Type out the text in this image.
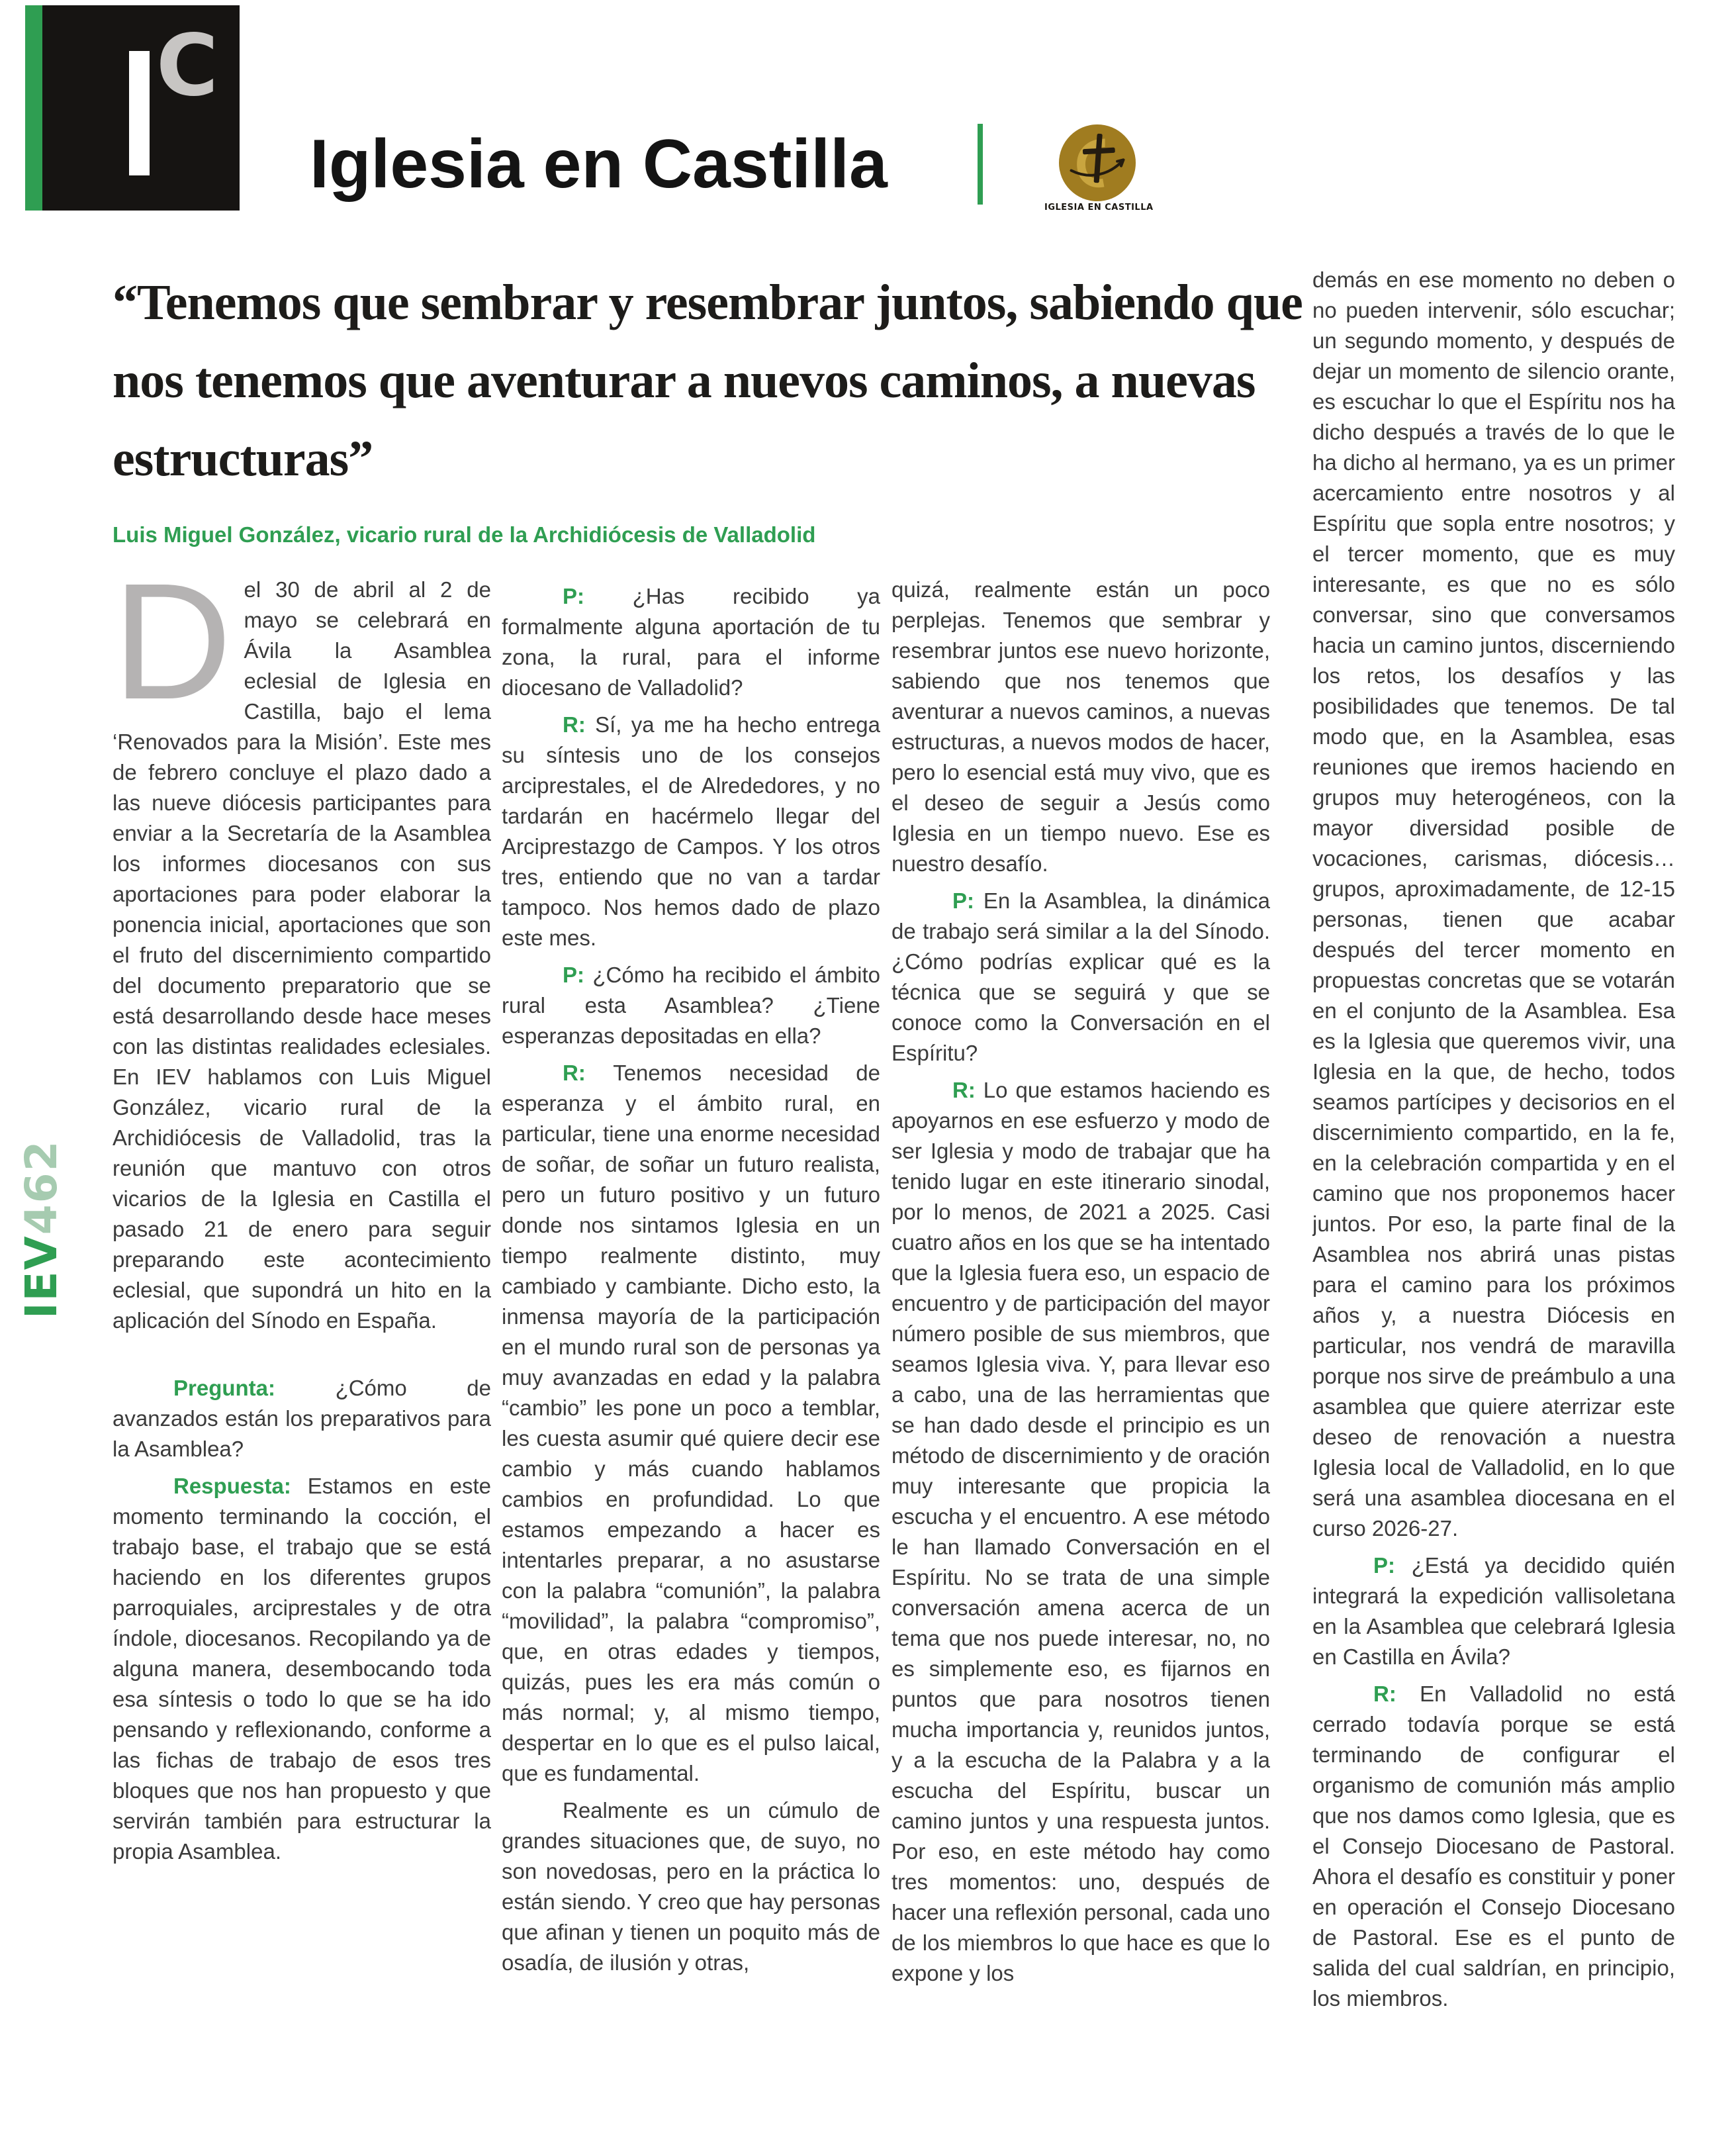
C
Iglesia en Castilla
IGLESIA EN CASTILLA
IEV462
“Tenemos que sembrar y resembrar juntos, sabiendo que nos tenemos que aventurar a nuevos caminos, a nuevas estructuras”

Luis Miguel González, vicario rural de la Archidiócesis de Valladolid

Del 30 de abril al 2 de mayo se celebrará en Ávila la Asamblea eclesial de Iglesia en Castilla, bajo el lema ‘Renovados para la Misión’. Este mes de febrero concluye el plazo dado a las nueve diócesis participantes para enviar a la Secretaría de la Asamblea los informes diocesanos con sus aportaciones para poder elaborar la ponencia inicial, aportaciones que son el fruto del discernimiento compartido del documento preparatorio que se está desarrollando desde hace meses con las distintas realidades eclesiales. En IEV hablamos con Luis Miguel González, vicario rural de la Archidiócesis de Valladolid, tras la reunión que mantuvo con otros vicarios de la Iglesia en Castilla el pasado 21 de enero para seguir preparando este acontecimiento eclesial, que supondrá un hito en la aplicación del Sínodo en España.

Pregunta: ¿Cómo de avanzados están los preparativos para la Asamblea?

Respuesta: Estamos en este momento terminando la cocción, el trabajo base, el trabajo que se está haciendo en los diferentes grupos parroquiales, arciprestales y de otra índole, diocesanos. Recopilando ya de alguna manera, desembocando toda esa síntesis o todo lo que se ha ido pensando y reflexionando, conforme a las fichas de trabajo de esos tres bloques que nos han propuesto y que servirán también para estructurar la propia Asamblea.

P: ¿Has recibido ya formalmente alguna aportación de tu zona, la rural, para el informe diocesano de Valladolid?

R: Sí, ya me ha hecho entrega su síntesis uno de los consejos arciprestales, el de Alrededores, y no tardarán en hacérmelo llegar del Arciprestazgo de Campos. Y los otros tres, entiendo que no van a tardar tampoco. Nos hemos dado de plazo este mes.

P: ¿Cómo ha recibido el ámbito rural esta Asamblea? ¿Tiene esperanzas depositadas en ella?

R: Tenemos necesidad de esperanza y el ámbito rural, en particular, tiene una enorme necesidad de soñar, de soñar un futuro realista, pero un futuro positivo y un futuro donde nos sintamos Iglesia en un tiempo realmente distinto, muy cambiado y cambiante. Dicho esto, la inmensa mayoría de la participación en el mundo rural son de personas ya muy avanzadas en edad y la palabra “cambio” les pone un poco a temblar, les cuesta asumir qué quiere decir ese cambio y más cuando hablamos cambios en profundidad. Lo que estamos empezando a hacer es intentarles preparar, a no asustarse con la palabra “comunión”, la palabra “movilidad”, la palabra “compromiso”, que, en otras edades y tiempos, quizás, pues les era más común o más normal; y, al mismo tiempo, despertar en lo que es el pulso laical, que es fundamental.

Realmente es un cúmulo de grandes situaciones que, de suyo, no son novedosas, pero en la práctica lo están siendo. Y creo que hay personas que afinan y tienen un poquito más de osadía, de ilusión y otras,

quizá, realmente están un poco perplejas. Tenemos que sembrar y resembrar juntos ese nuevo horizonte, sabiendo que nos tenemos que aventurar a nuevos caminos, a nuevas estructuras, a nuevos modos de hacer, pero lo esencial está muy vivo, que es el deseo de seguir a Jesús como Iglesia en un tiempo nuevo. Ese es nuestro desafío.

P: En la Asamblea, la dinámica de trabajo será similar a la del Sínodo. ¿Cómo podrías explicar qué es la técnica que se seguirá y que se conoce como la Conversación en el Espíritu?

R: Lo que estamos haciendo es apoyarnos en ese esfuerzo y modo de ser Iglesia y modo de trabajar que ha tenido lugar en este itinerario sinodal, por lo menos, de 2021 a 2025. Casi cuatro años en los que se ha intentado que la Iglesia fuera eso, un espacio de encuentro y de participación del mayor número posible de sus miembros, que seamos Iglesia viva. Y, para llevar eso a cabo, una de las herramientas que se han dado desde el principio es un método de discernimiento y de oración muy interesante que propicia la escucha y el encuentro. A ese método le han llamado Conversación en el Espíritu. No se trata de una simple conversación amena acerca de un tema que nos puede interesar, no, no es simplemente eso, es fijarnos en puntos que para nosotros tienen mucha importancia y, reunidos juntos, y a la escucha de la Palabra y a la escucha del Espíritu, buscar un camino juntos y una respuesta juntos. Por eso, en este método hay como tres momentos: uno, después de hacer una reflexión personal, cada uno de los miembros lo que hace es que lo expone y los

demás en ese momento no deben o no pueden intervenir, sólo escuchar; un segundo momento, y después de dejar un momento de silencio orante, es escuchar lo que el Espíritu nos ha dicho después a través de lo que le ha dicho al hermano, ya es un primer acercamiento entre nosotros y al Espíritu que sopla entre nosotros; y el tercer momento, que es muy interesante, es que no es sólo conversar, sino que conversamos hacia un camino juntos, discerniendo los retos, los desafíos y las posibilidades que tenemos. De tal modo que, en la Asamblea, esas reuniones que iremos haciendo en grupos muy heterogéneos, con la mayor diversidad posible de vocaciones, carismas, diócesis… grupos, aproximadamente, de 12-15 personas, tienen que acabar después del tercer momento en propuestas concretas que se votarán en el conjunto de la Asamblea. Esa es la Iglesia que queremos vivir, una Iglesia en la que, de hecho, todos seamos partícipes y decisorios en el discernimiento compartido, en la fe, en la celebración compartida y en el camino que nos proponemos hacer juntos. Por eso, la parte final de la Asamblea nos abrirá unas pistas para el camino para los próximos años y, a nuestra Diócesis en particular, nos vendrá de maravilla porque nos sirve de preámbulo a una asamblea que quiere aterrizar este deseo de renovación a nuestra Iglesia local de Valladolid, en lo que será una asamblea diocesana en el curso 2026-27.

P: ¿Está ya decidido quién integrará la expedición vallisoletana en la Asamblea que celebrará Iglesia en Castilla en Ávila?

R: En Valladolid no está cerrado todavía porque se está terminando de configurar el organismo de comunión más amplio que nos damos como Iglesia, que es el Consejo Diocesano de Pastoral. Ahora el desafío es constituir y poner en operación el Consejo Diocesano de Pastoral. Ese es el punto de salida del cual saldrían, en principio, los miembros.
